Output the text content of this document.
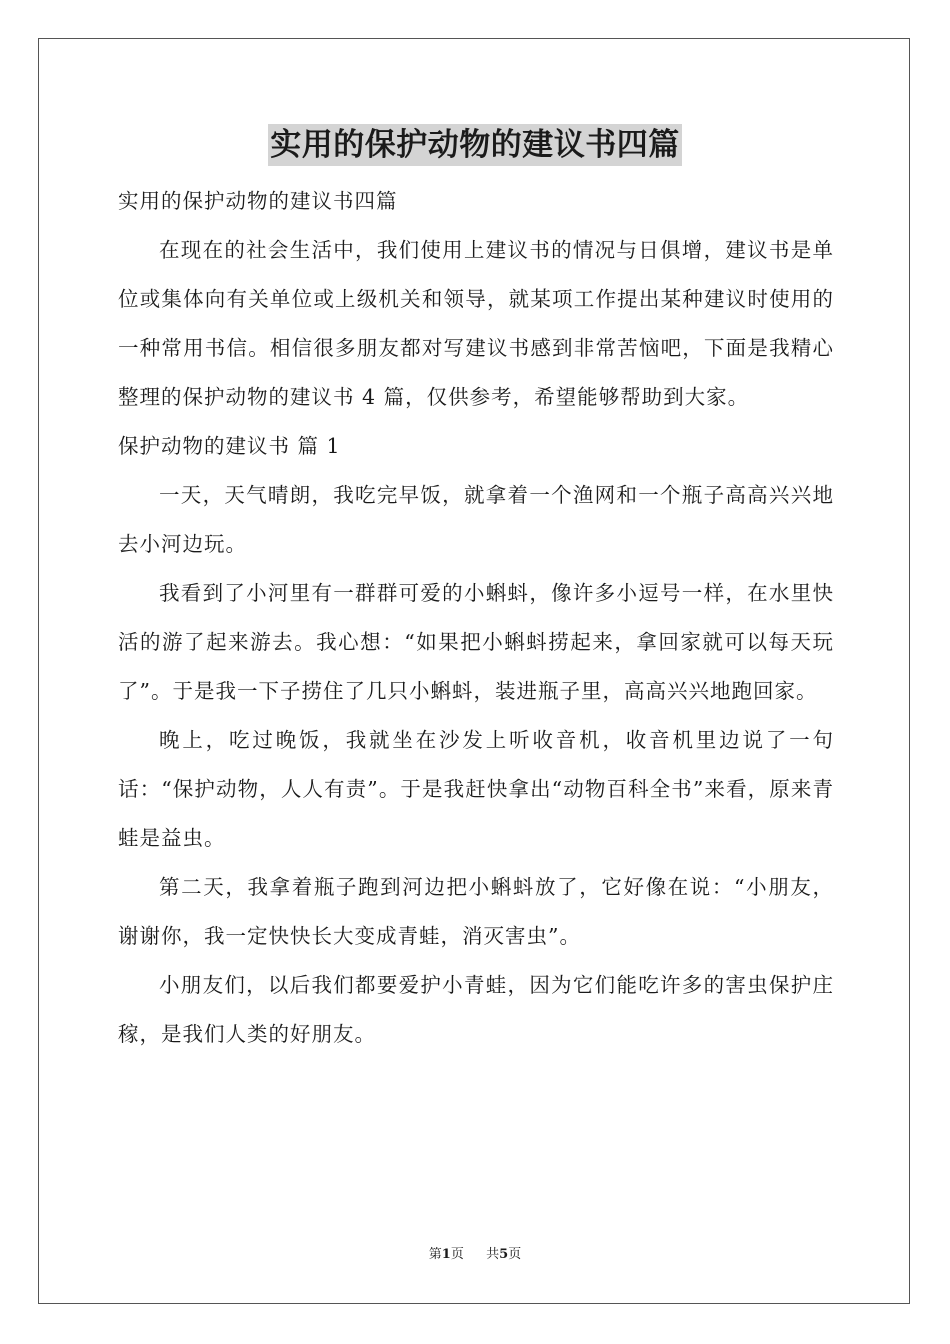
实用的保护动物的建议书四篇

实用的保护动物的建议书四篇

在现在的社会生活中，我们使用上建议书的情况与日俱增，建议书是单位或集体向有关单位或上级机关和领导，就某项工作提出某种建议时使用的一种常用书信。相信很多朋友都对写建议书感到非常苦恼吧，下面是我精心整理的保护动物的建议书 4 篇，仅供参考，希望能够帮助到大家。

保护动物的建议书 篇 1

一天，天气晴朗，我吃完早饭，就拿着一个渔网和一个瓶子高高兴兴地去小河边玩。

我看到了小河里有一群群可爱的小蝌蚪，像许多小逗号一样，在水里快活的游了起来游去。我心想：“如果把小蝌蚪捞起来，拿回家就可以每天玩了”。于是我一下子捞住了几只小蝌蚪，装进瓶子里，高高兴兴地跑回家。

晚上，吃过晚饭，我就坐在沙发上听收音机，收音机里边说了一句话：“保护动物，人人有责”。于是我赶快拿出“动物百科全书”来看，原来青蛙是益虫。

第二天，我拿着瓶子跑到河边把小蝌蚪放了，它好像在说：“小朋友，谢谢你，我一定快快长大变成青蛙，消灭害虫”。

小朋友们，以后我们都要爱护小青蛙，因为它们能吃许多的害虫保护庄稼，是我们人类的好朋友。

第1页 共5页
